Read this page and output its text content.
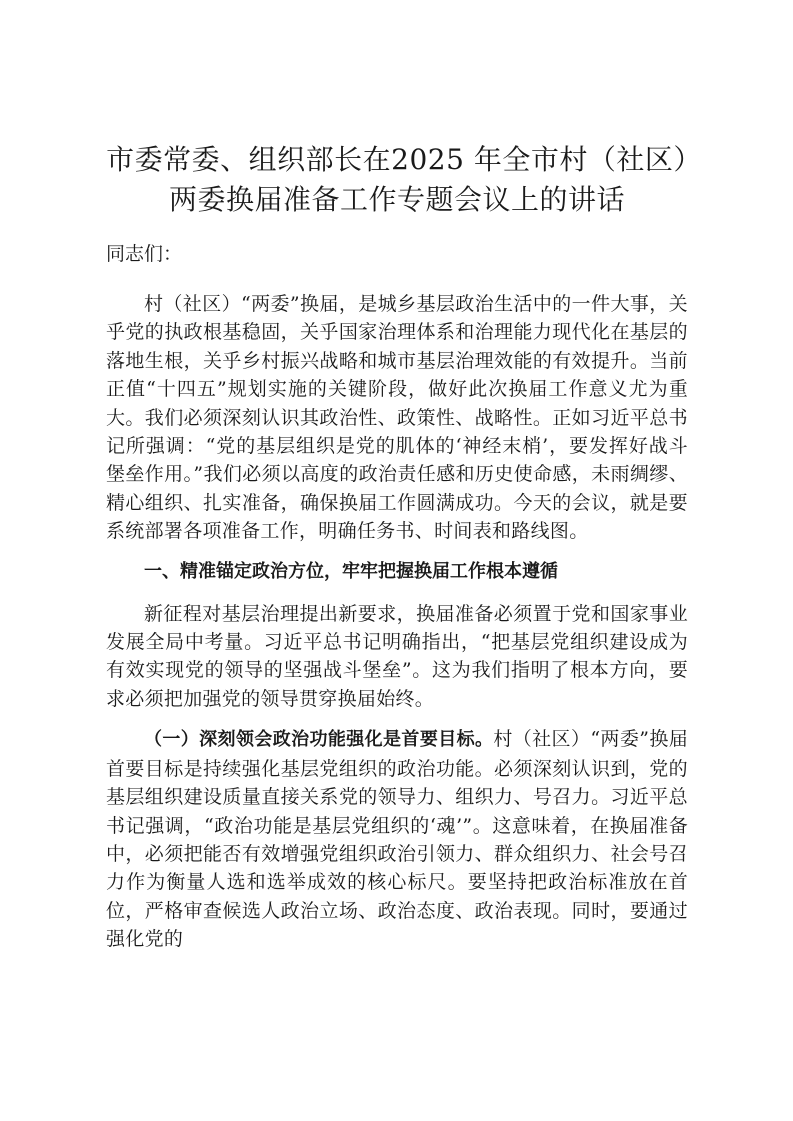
市委常委、组织部长在2025 年全市村（社区）两委换届准备工作专题会议上的讲话

同志们：

村（社区）“两委”换届，是城乡基层政治生活中的一件大事，关乎党的执政根基稳固，关乎国家治理体系和治理能力现代化在基层的落地生根，关乎乡村振兴战略和城市基层治理效能的有效提升。当前正值“十四五”规划实施的关键阶段，做好此次换届工作意义尤为重大。我们必须深刻认识其政治性、政策性、战略性。正如习近平总书记所强调：“党的基层组织是党的肌体的‘神经末梢’，要发挥好战斗堡垒作用。”我们必须以高度的政治责任感和历史使命感，未雨绸缪、精心组织、扎实准备，确保换届工作圆满成功。今天的会议，就是要系统部署各项准备工作，明确任务书、时间表和路线图。

一、精准锚定政治方位，牢牢把握换届工作根本遵循

新征程对基层治理提出新要求，换届准备必须置于党和国家事业发展全局中考量。习近平总书记明确指出，“把基层党组织建设成为有效实现党的领导的坚强战斗堡垒”。这为我们指明了根本方向，要求必须把加强党的领导贯穿换届始终。

（一）深刻领会政治功能强化是首要目标。村（社区）“两委”换届首要目标是持续强化基层党组织的政治功能。必须深刻认识到，党的基层组织建设质量直接关系党的领导力、组织力、号召力。习近平总书记强调，“政治功能是基层党组织的‘魂’”。这意味着，在换届准备中，必须把能否有效增强党组织政治引领力、群众组织力、社会号召力作为衡量人选和选举成效的核心标尺。要坚持把政治标准放在首位，严格审查候选人政治立场、政治态度、政治表现。同时，要通过强化党的
